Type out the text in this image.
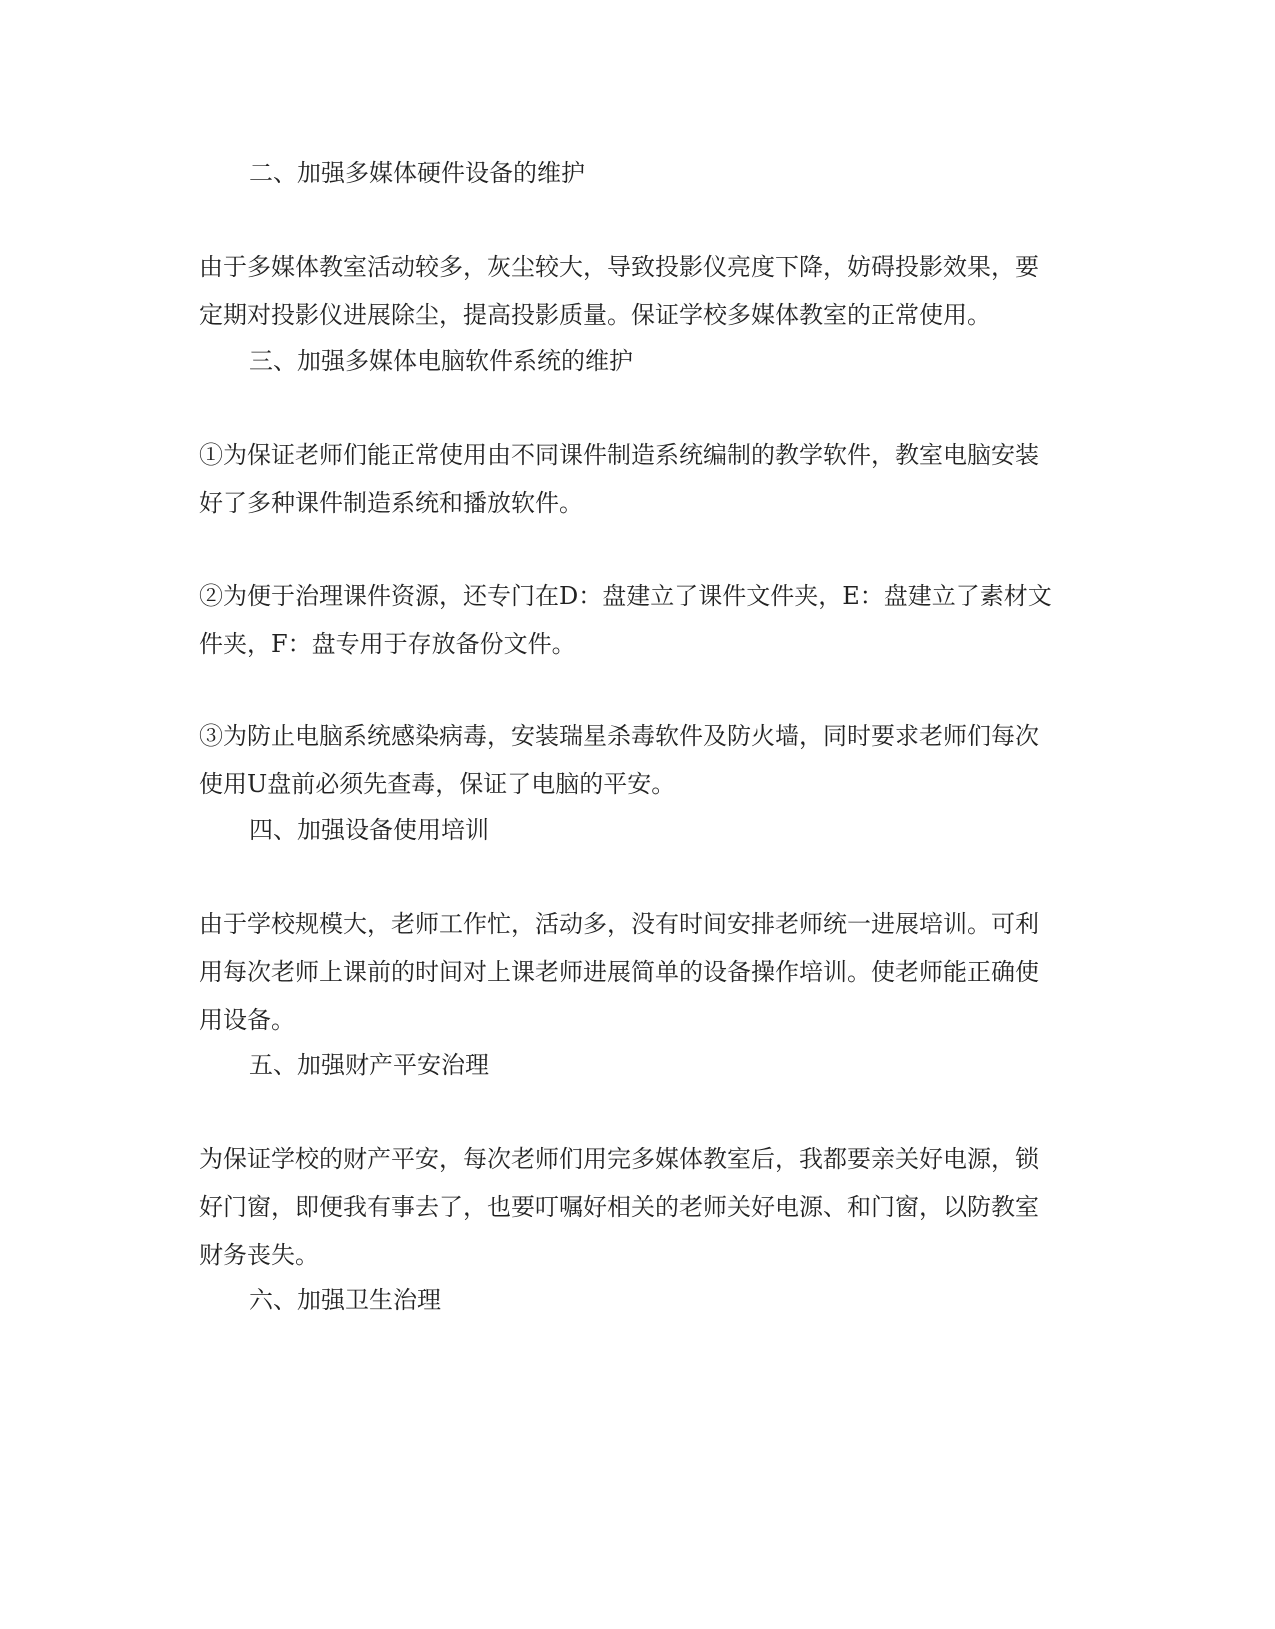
二、加强多媒体硬件设备的维护
由于多媒体教室活动较多，灰尘较大，导致投影仪亮度下降，妨碍投影效果，要
定期对投影仪进展除尘，提高投影质量。保证学校多媒体教室的正常使用。
三、加强多媒体电脑软件系统的维护
①为保证老师们能正常使用由不同课件制造系统编制的教学软件，教室电脑安装
好了多种课件制造系统和播放软件。
②为便于治理课件资源，还专门在D：盘建立了课件文件夹，E：盘建立了素材文
件夹，F：盘专用于存放备份文件。
③为防止电脑系统感染病毒，安装瑞星杀毒软件及防火墙，同时要求老师们每次
使用U盘前必须先查毒，保证了电脑的平安。
四、加强设备使用培训
由于学校规模大，老师工作忙，活动多，没有时间安排老师统一进展培训。可利
用每次老师上课前的时间对上课老师进展简单的设备操作培训。使老师能正确使
用设备。
五、加强财产平安治理
为保证学校的财产平安，每次老师们用完多媒体教室后，我都要亲关好电源，锁
好门窗，即便我有事去了，也要叮嘱好相关的老师关好电源、和门窗，以防教室
财务丧失。
六、加强卫生治理
